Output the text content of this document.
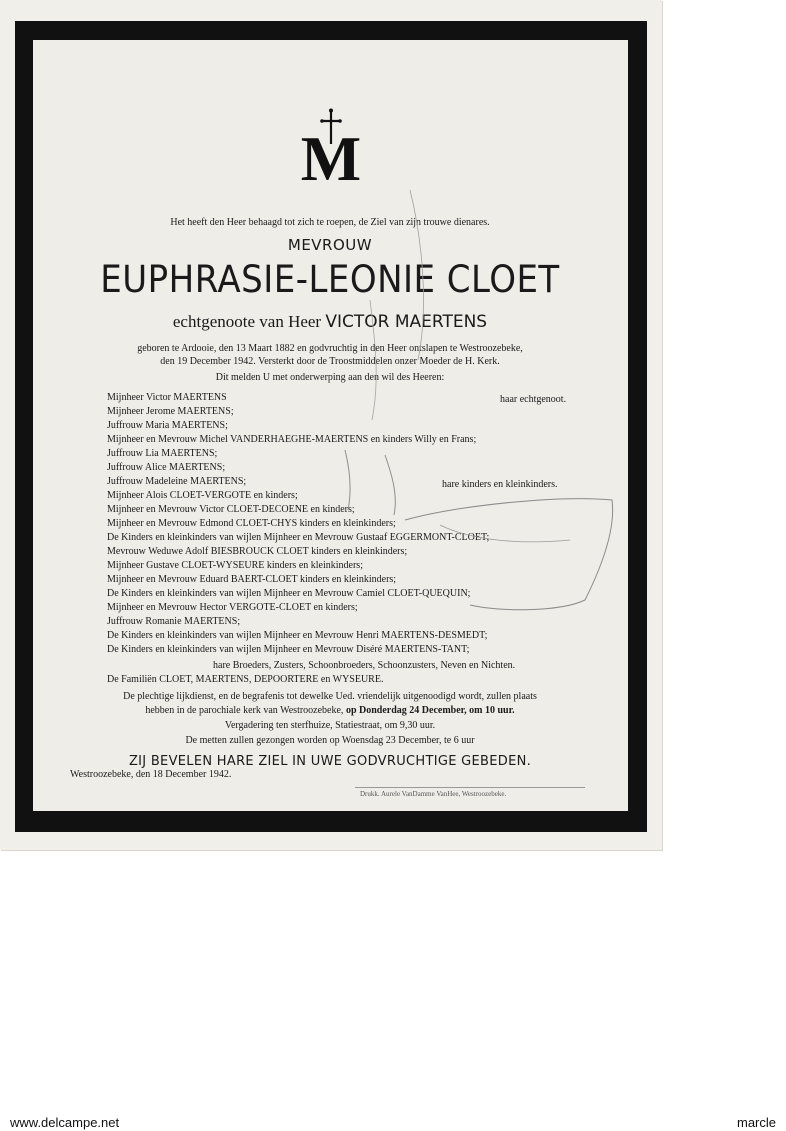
M
Het heeft den Heer behaagd tot zich te roepen, de Ziel van zijn trouwe dienares.
MEVROUW
EUPHRASIE-LEONIE CLOET
echtgenoote van Heer VICTOR MAERTENS
geboren te Ardooie, den 13 Maart 1882 en godvruchtig in den Heer ontslapen te Westroozebeke,
den 19 December 1942. Versterkt door de Troostmiddelen onzer Moeder de H. Kerk.
Dit melden U met onderwerping aan den wil des Heeren:
Mijnheer Victor MAERTENS
Mijnheer Jerome MAERTENS;
Juffrouw Maria MAERTENS;
Mijnheer en Mevrouw Michel VANDERHAEGHE-MAERTENS en kinders Willy en Frans;
Juffrouw Lia MAERTENS;
Juffrouw Alice MAERTENS;
Juffrouw Madeleine MAERTENS;
Mijnheer Alois CLOET-VERGOTE en kinders;
Mijnheer en Mevrouw Victor CLOET-DECOENE en kinders;
Mijnheer en Mevrouw Edmond CLOET-CHYS kinders en kleinkinders;
De Kinders en kleinkinders van wijlen Mijnheer en Mevrouw Gustaaf EGGERMONT-CLOET;
Mevrouw Weduwe Adolf BIESBROUCK CLOET kinders en kleinkinders;
Mijnheer Gustave CLOET-WYSEURE kinders en kleinkinders;
Mijnheer en Mevrouw Eduard BAERT-CLOET kinders en kleinkinders;
De Kinders en kleinkinders van wijlen Mijnheer en Mevrouw Camiel CLOET-QUEQUIN;
Mijnheer en Mevrouw Hector VERGOTE-CLOET en kinders;
Juffrouw Romanie MAERTENS;
De Kinders en kleinkinders van wijlen Mijnheer en Mevrouw Henri MAERTENS-DESMEDT;
De Kinders en kleinkinders van wijlen Mijnheer en Mevrouw Diséré MAERTENS-TANT;
hare Broeders, Zusters, Schoonbroeders, Schoonzusters, Neven en Nichten.
De Familiën CLOET, MAERTENS, DEPOORTERE en WYSEURE.
haar echtgenoot.
hare kinders en kleinkinders.
De plechtige lijkdienst, en de begrafenis tot dewelke Ued. vriendelijk uitgenoodigd wordt, zullen plaats
hebben in de parochiale kerk van Westroozebeke, op Donderdag 24 December, om 10 uur.
Vergadering ten sterfhuize, Statiestraat, om 9,30 uur.
De metten zullen gezongen worden op Woensdag 23 December, te 6 uur
ZIJ BEVELEN HARE ZIEL IN UWE GODVRUCHTIGE GEBEDEN.
Westroozebeke, den 18 December 1942.
Drukk. Aurele VanDamme VanHee, Westroozebeke.
www.delcampe.net	marcle
